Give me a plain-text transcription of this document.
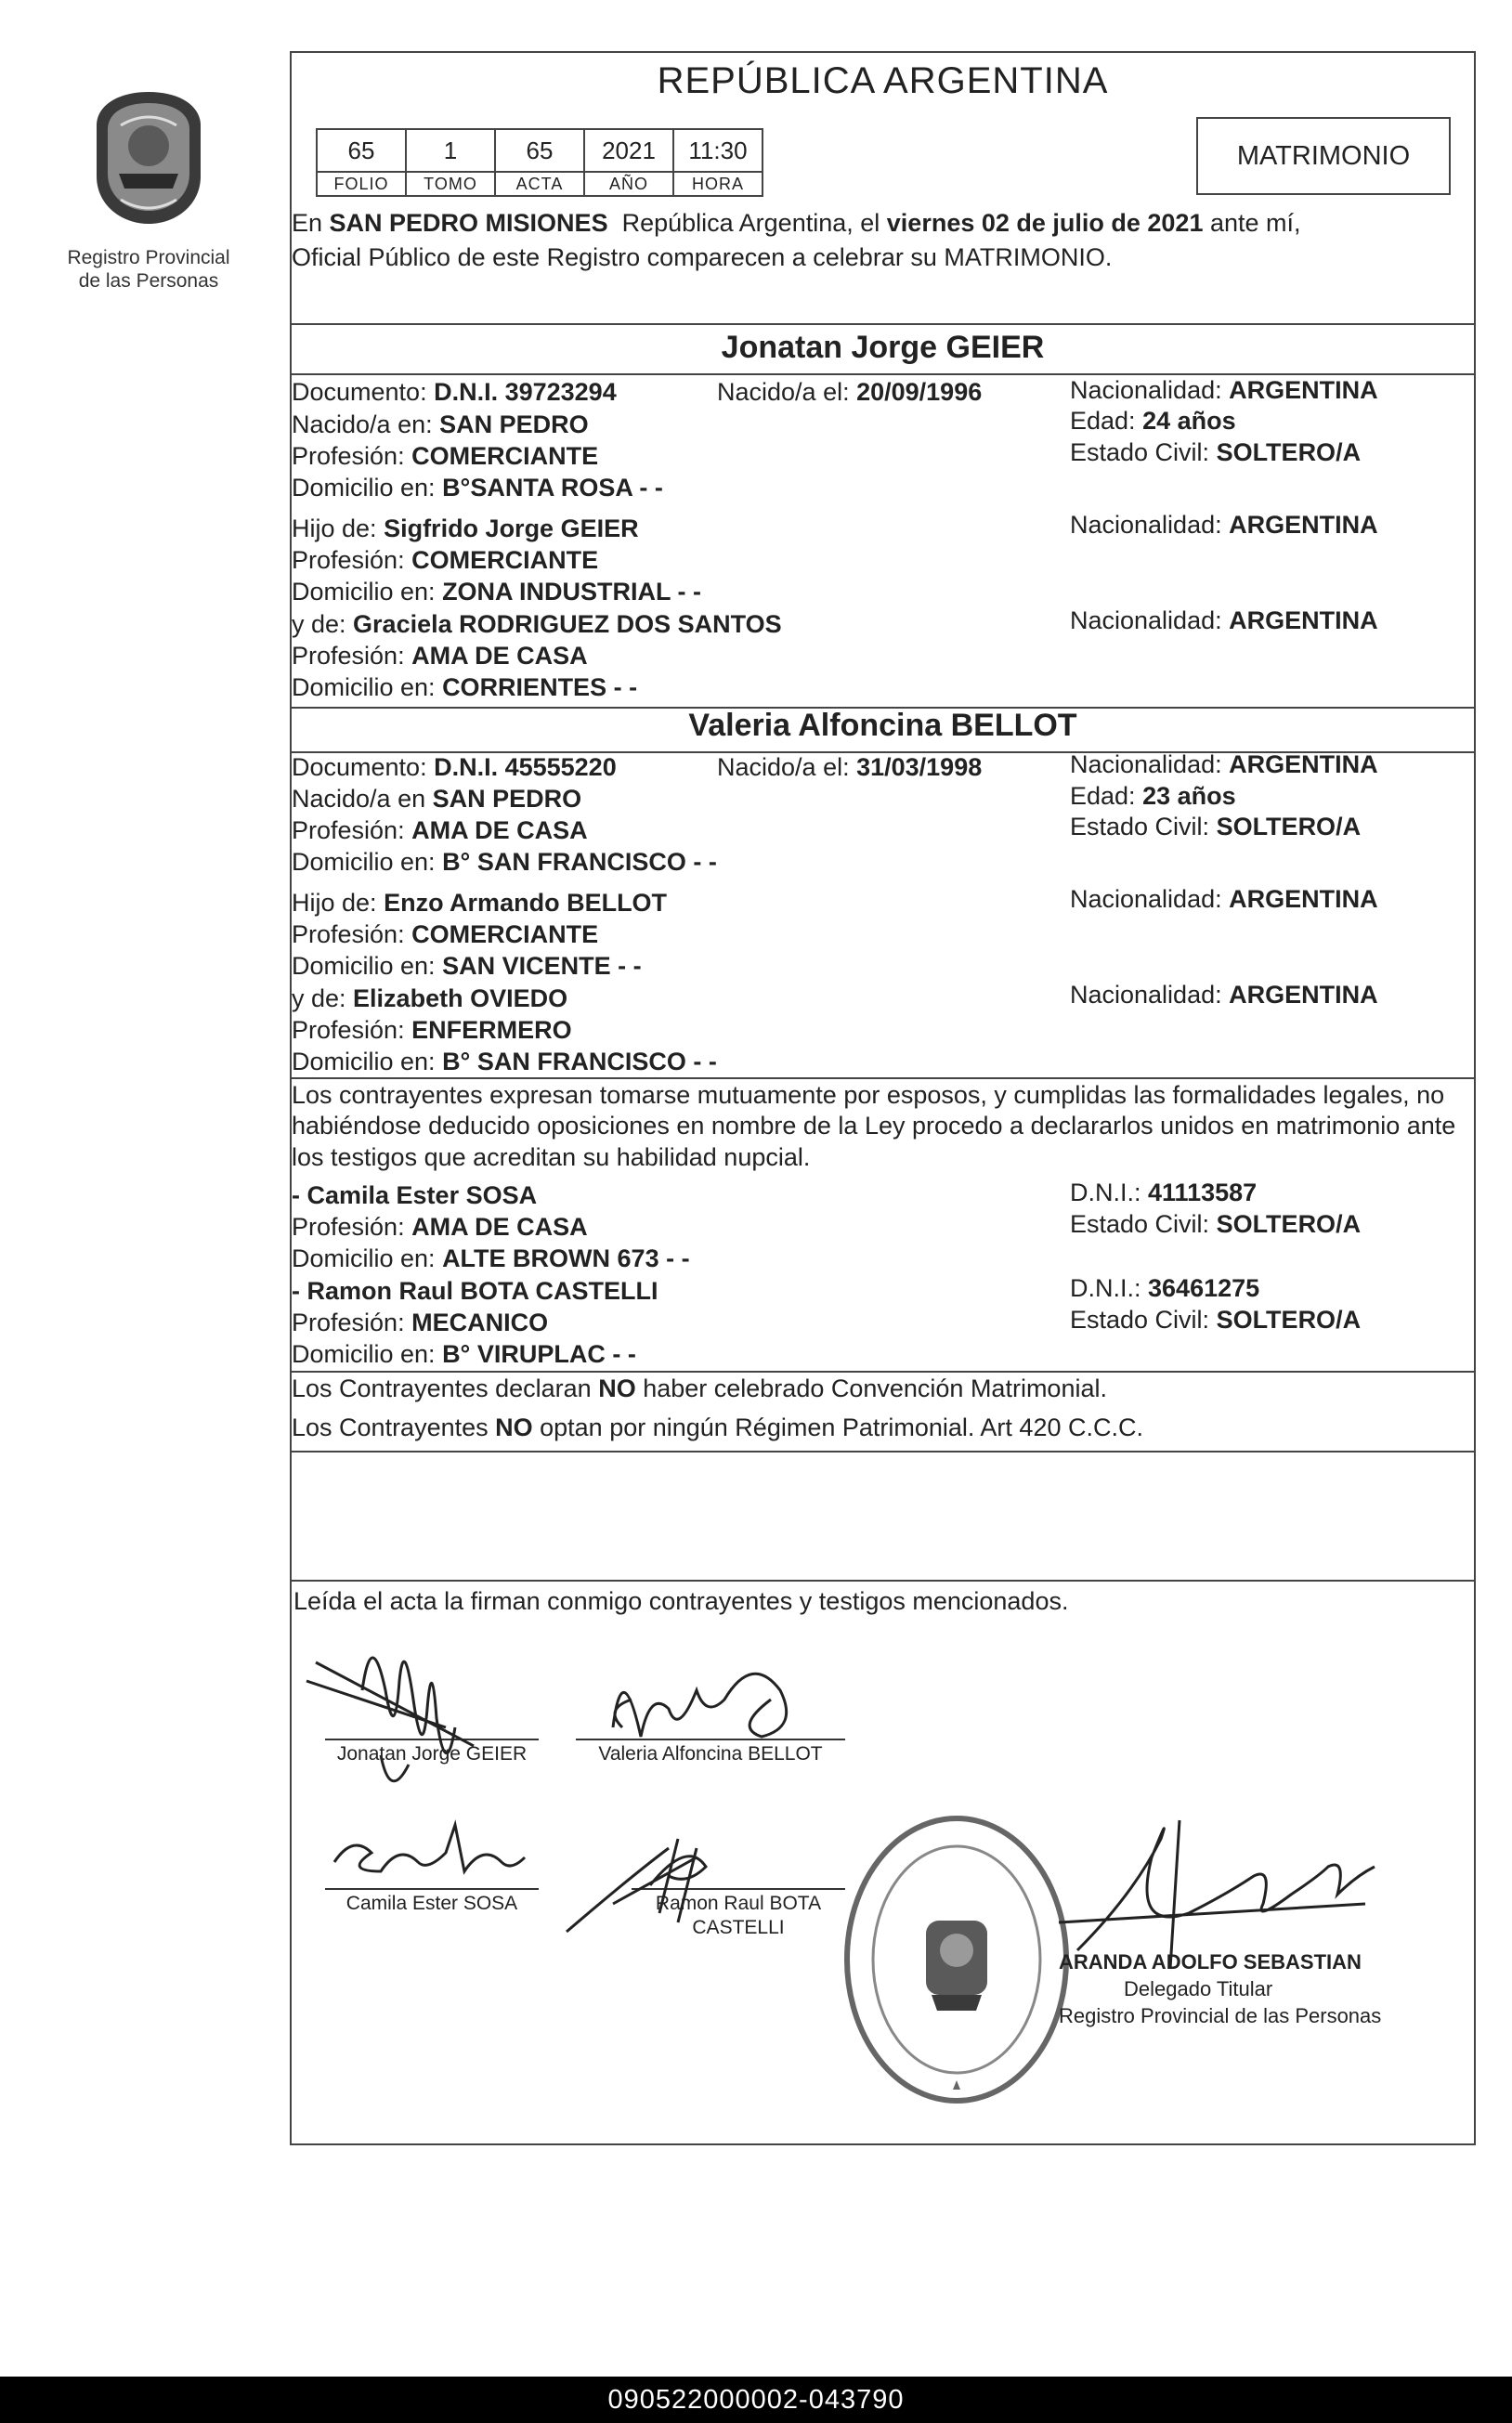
Registro Provincial
de las Personas
REPÚBLICA ARGENTINA
65	1	65	2021	11:30
FOLIO	TOMO	ACTA	AÑO	HORA
MATRIMONIO
En SAN PEDRO MISIONES  República Argentina, el viernes 02 de julio de 2021 ante mí,
Oficial Público de este Registro comparecen a celebrar su MATRIMONIO.
Jonatan Jorge GEIER
Documento: D.N.I. 39723294	Nacido/a el: 20/09/1996	Nacionalidad: ARGENTINA
Nacido/a en: SAN PEDRO	Edad: 24 años
Profesión: COMERCIANTE	Estado Civil: SOLTERO/A
Domicilio en: B°SANTA ROSA - -
Hijo de: Sigfrido Jorge GEIER	Nacionalidad: ARGENTINA
Profesión: COMERCIANTE
Domicilio en: ZONA INDUSTRIAL - -
y de: Graciela RODRIGUEZ DOS SANTOS	Nacionalidad: ARGENTINA
Profesión: AMA DE CASA
Domicilio en: CORRIENTES - -
Valeria Alfoncina BELLOT
Documento: D.N.I. 45555220	Nacido/a el: 31/03/1998	Nacionalidad: ARGENTINA
Nacido/a en SAN PEDRO	Edad: 23 años
Profesión: AMA DE CASA	Estado Civil: SOLTERO/A
Domicilio en: B° SAN FRANCISCO - -
Hijo de: Enzo Armando BELLOT	Nacionalidad: ARGENTINA
Profesión: COMERCIANTE
Domicilio en: SAN VICENTE - -
y de: Elizabeth OVIEDO	Nacionalidad: ARGENTINA
Profesión: ENFERMERO
Domicilio en: B° SAN FRANCISCO - -
Los contrayentes expresan tomarse mutuamente por esposos, y cumplidas las formalidades legales, no
habiéndose deducido oposiciones en nombre de la Ley procedo a declararlos unidos en matrimonio ante
los testigos que acreditan su habilidad nupcial.
- Camila Ester SOSA	D.N.I.: 41113587
Profesión: AMA DE CASA	Estado Civil: SOLTERO/A
Domicilio en: ALTE BROWN 673 - -
- Ramon Raul BOTA CASTELLI	D.N.I.: 36461275
Profesión: MECANICO	Estado Civil: SOLTERO/A
Domicilio en: B° VIRUPLAC - -
Los Contrayentes declaran NO haber celebrado Convención Matrimonial.
Los Contrayentes NO optan por ningún Régimen Patrimonial. Art 420 C.C.C.
Leída el acta la firman conmigo contrayentes y testigos mencionados.
Jonatan Jorge GEIER	Valeria Alfoncina BELLOT
Camila Ester SOSA	Ramon Raul BOTA
CASTELLI
ARANDA ADOLFO SEBASTIAN
Delegado Titular
Registro Provincial de las Personas
090522000002-043790
